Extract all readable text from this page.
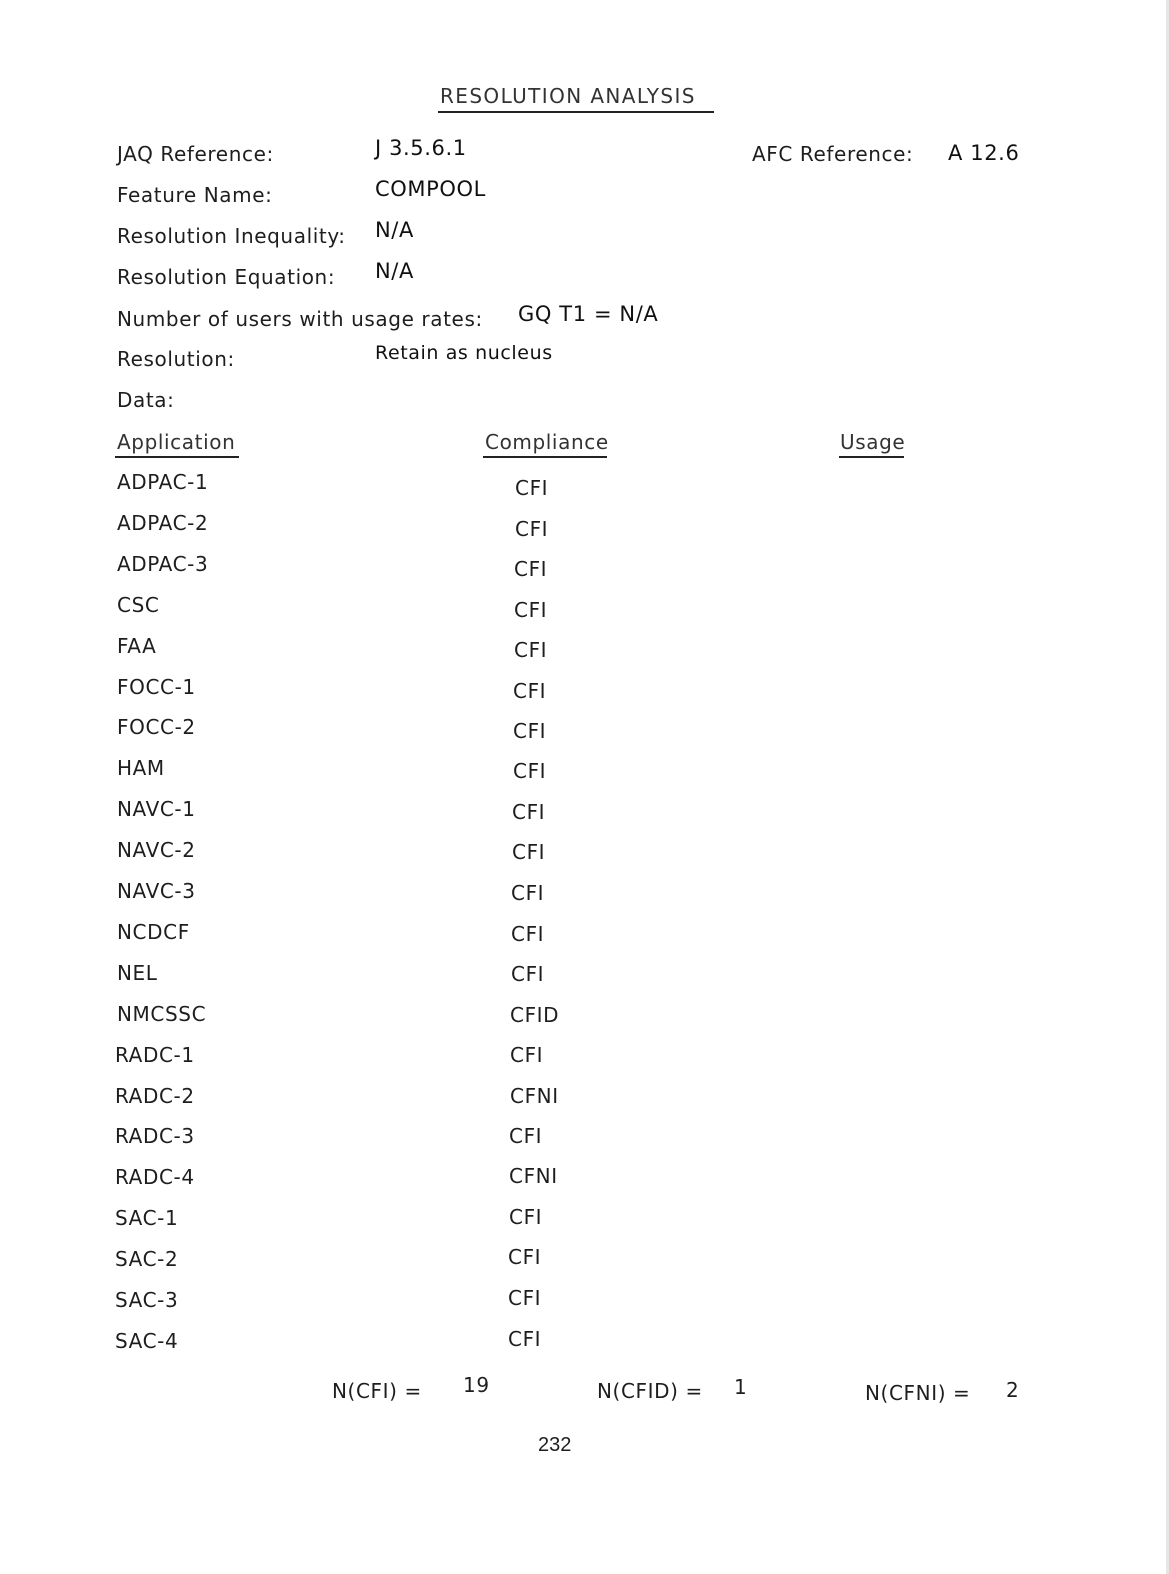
RESOLUTION ANALYSIS
JAQ Reference:	J 3.5.6.1	AFC Reference: A 12.6
Feature Name:	COMPOOL
Resolution Inequality: N/A
Resolution Equation: N/A
Number of users with usage rates: GQ T1 = N/A
Resolution:	Retain as nucleus
Data:
Application	Compliance	Usage
ADPAC-1	CFI
ADPAC-2	CFI
ADPAC-3	CFI
CSC	CFI
FAA	CFI
FOCC-1	CFI
FOCC-2	CFI
HAM	CFI
NAVC-1	CFI
NAVC-2	CFI
NAVC-3	CFI
NCDCF	CFI
NEL	CFI
NMCSSC	CFID
RADC-1	CFI
RADC-2	CFNI
RADC-3	CFI
RADC-4	CFNI
SAC-1	CFI
SAC-2	CFI
SAC-3	CFI
SAC-4	CFI
N(CFI) = 19	N(CFID) = 1	N(CFNI) = 2
232
